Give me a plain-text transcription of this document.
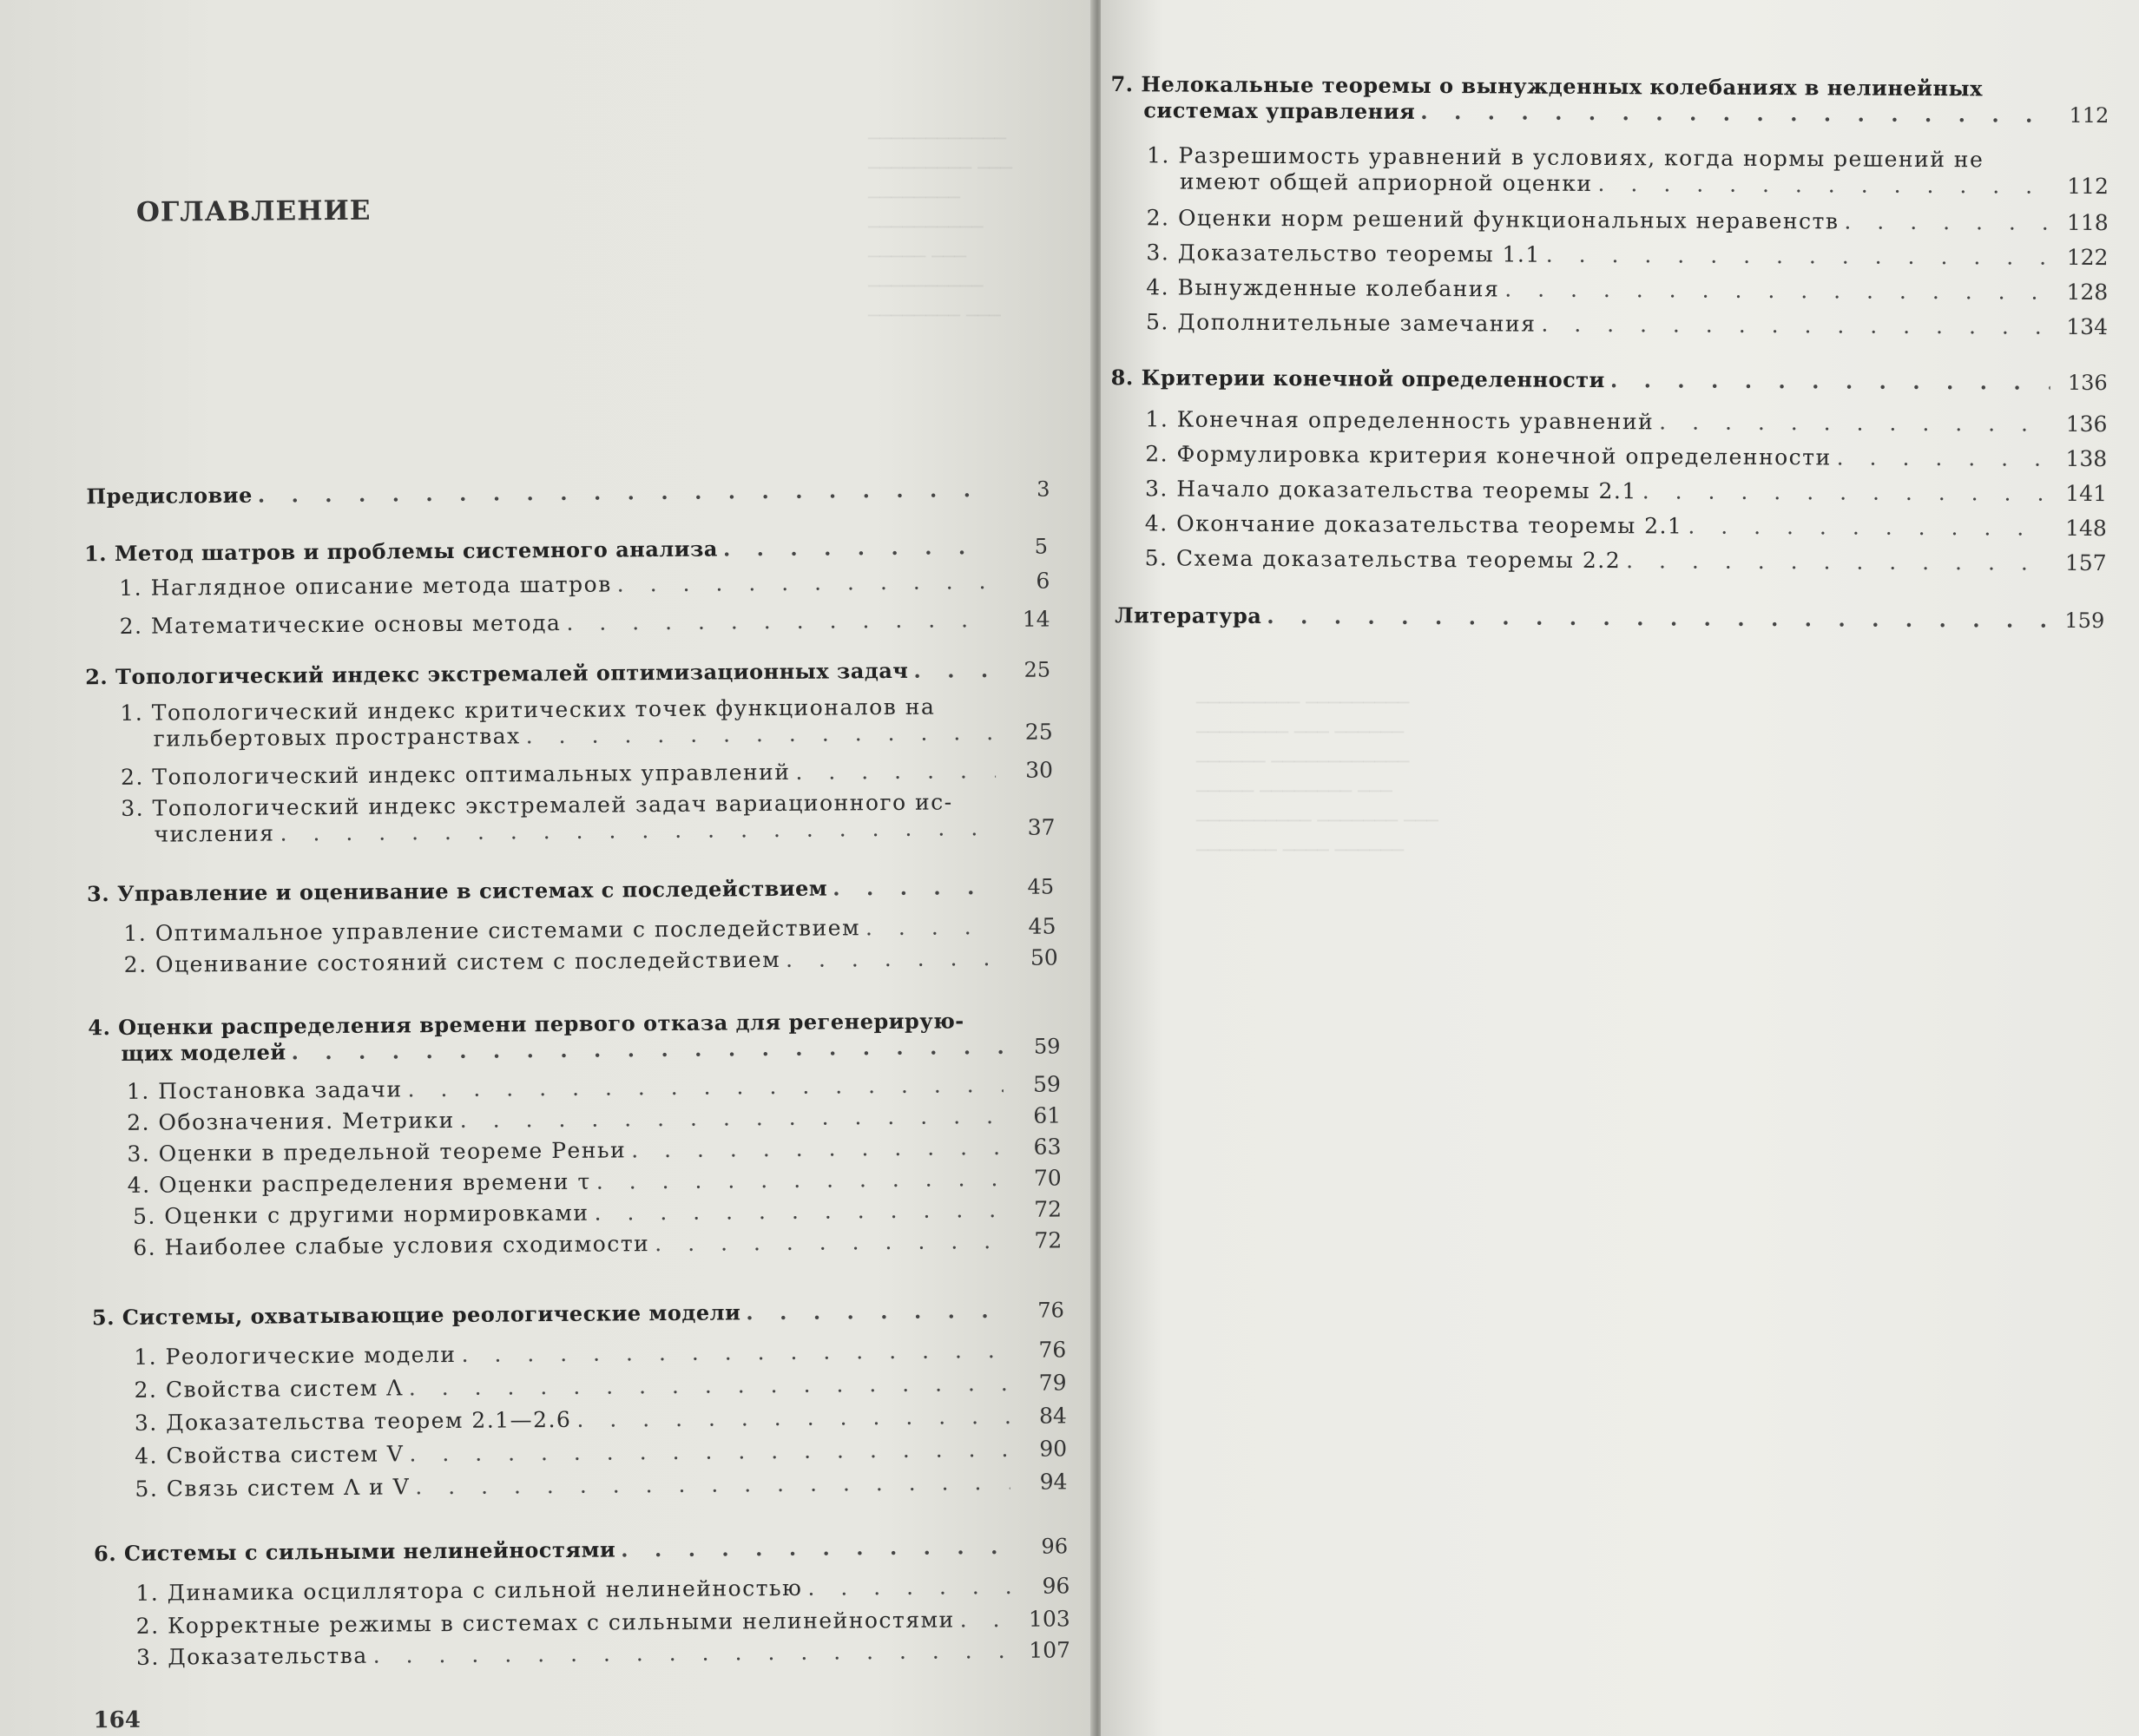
────────────
───────── ───
────────
──────────
───── ───
──────────
──────── ───

ОГЛАВЛЕНИЕ
Предисловие . . .	3
1. Метод шатров и проблемы системного анализа . . .	5
1. Наглядное описание метода шатров . . .	6
2. Математические основы метода . . .	14
2. Топологический индекс экстремалей оптимизационных задач . . .	25
1. Топологический индекс критических точек функционалов на
гильбертовых пространствах . . .	25
2. Топологический индекс оптимальных управлений . . .	30
3. Топологический индекс экстремалей задач вариационного ис-
числения . . .	37
3. Управление и оценивание в системах с последействием . . .	45
1. Оптимальное управление системами с последействием . . .	45
2. Оценивание состояний систем с последействием . . .	50
4. Оценки распределения времени первого отказа для регенерирую-
щих моделей . . .	59
1. Постановка задачи . . .	59
2. Обозначения. Метрики . . .	61
3. Оценки в предельной теореме Реньи . . .	63
4. Оценки распределения времени τ . . .	70
5. Оценки с другими нормировками . . .	72
6. Наиболее слабые условия сходимости . . .	72
5. Системы, охватывающие реологические модели . . .	76
1. Реологические модели . . .	76
2. Свойства систем Λ . . .	79
3. Доказательства теорем 2.1—2.6 . . .	84
4. Свойства систем V . . .	90
5. Связь систем Λ и V . . .	94
6. Системы с сильными нелинейностями . . .	96
1. Динамика осциллятора с сильной нелинейностью . . .	96
2. Корректные режимы в системах с сильными нелинейностями . . .	103
3. Доказательства . . .	107
164

───────── ─────────
──────── ─── ──────
────── ────────────
───── ──────── ───
────────── ─────── ───
─────── ──── ──────

7. Нелокальные теоремы о вынужденных колебаниях в нелинейных
системах управления . . .	112
1. Разрешимость уравнений в условиях, когда нормы решений не
имеют общей априорной оценки . . .	112
2. Оценки норм решений функциональных неравенств . . .	118
3. Доказательство теоремы 1.1 . . .	122
4. Вынужденные колебания . . .	128
5. Дополнительные замечания . . .	134
8. Критерии конечной определенности . . .	136
1. Конечная определенность уравнений . . .	136
2. Формулировка критерия конечной определенности . . .	138
3. Начало доказательства теоремы 2.1 . . .	141
4. Окончание доказательства теоремы 2.1 . . .	148
5. Схема доказательства теоремы 2.2 . . .	157
Литература . . .	159
